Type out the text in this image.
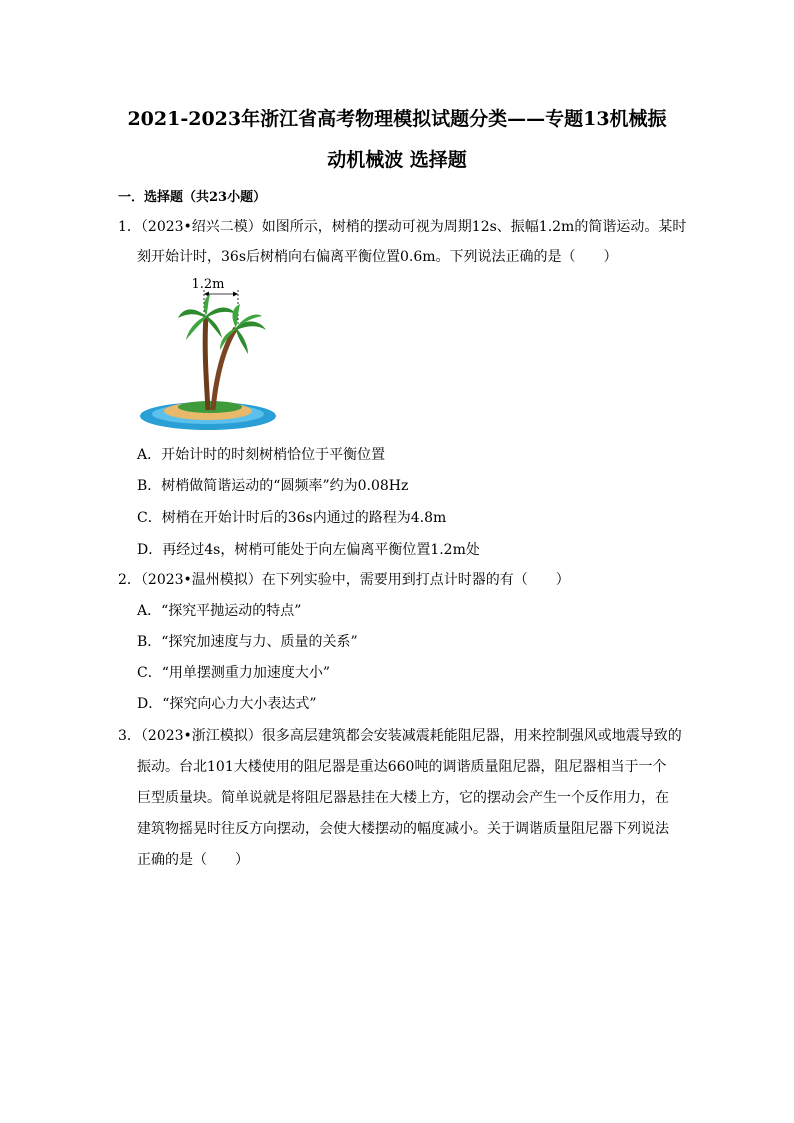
2021-2023年浙江省高考物理模拟试题分类——专题13机械振
动机械波 选择题
一．选择题（共23小题）
1．（2023•绍兴二模）如图所示，树梢的摆动可视为周期12s、振幅1.2m的简谐运动。某时
刻开始计时，36s后树梢向右偏离平衡位置0.6m。下列说法正确的是（　　）
1.2m
A．开始计时的时刻树梢恰位于平衡位置
B．树梢做简谐运动的“圆频率”约为0.08Hz
C．树梢在开始计时后的36s内通过的路程为4.8m
D．再经过4s，树梢可能处于向左偏离平衡位置1.2m处
2．（2023•温州模拟）在下列实验中，需要用到打点计时器的有（　　）
A．“探究平抛运动的特点”
B．“探究加速度与力、质量的关系”
C．“用单摆测重力加速度大小”
D．“探究向心力大小表达式”
3．（2023•浙江模拟）很多高层建筑都会安装减震耗能阻尼器，用来控制强风或地震导致的
振动。台北101大楼使用的阻尼器是重达660吨的调谐质量阻尼器，阻尼器相当于一个
巨型质量块。简单说就是将阻尼器悬挂在大楼上方，它的摆动会产生一个反作用力，在
建筑物摇晃时往反方向摆动，会使大楼摆动的幅度减小。关于调谐质量阻尼器下列说法
正确的是（　　）
